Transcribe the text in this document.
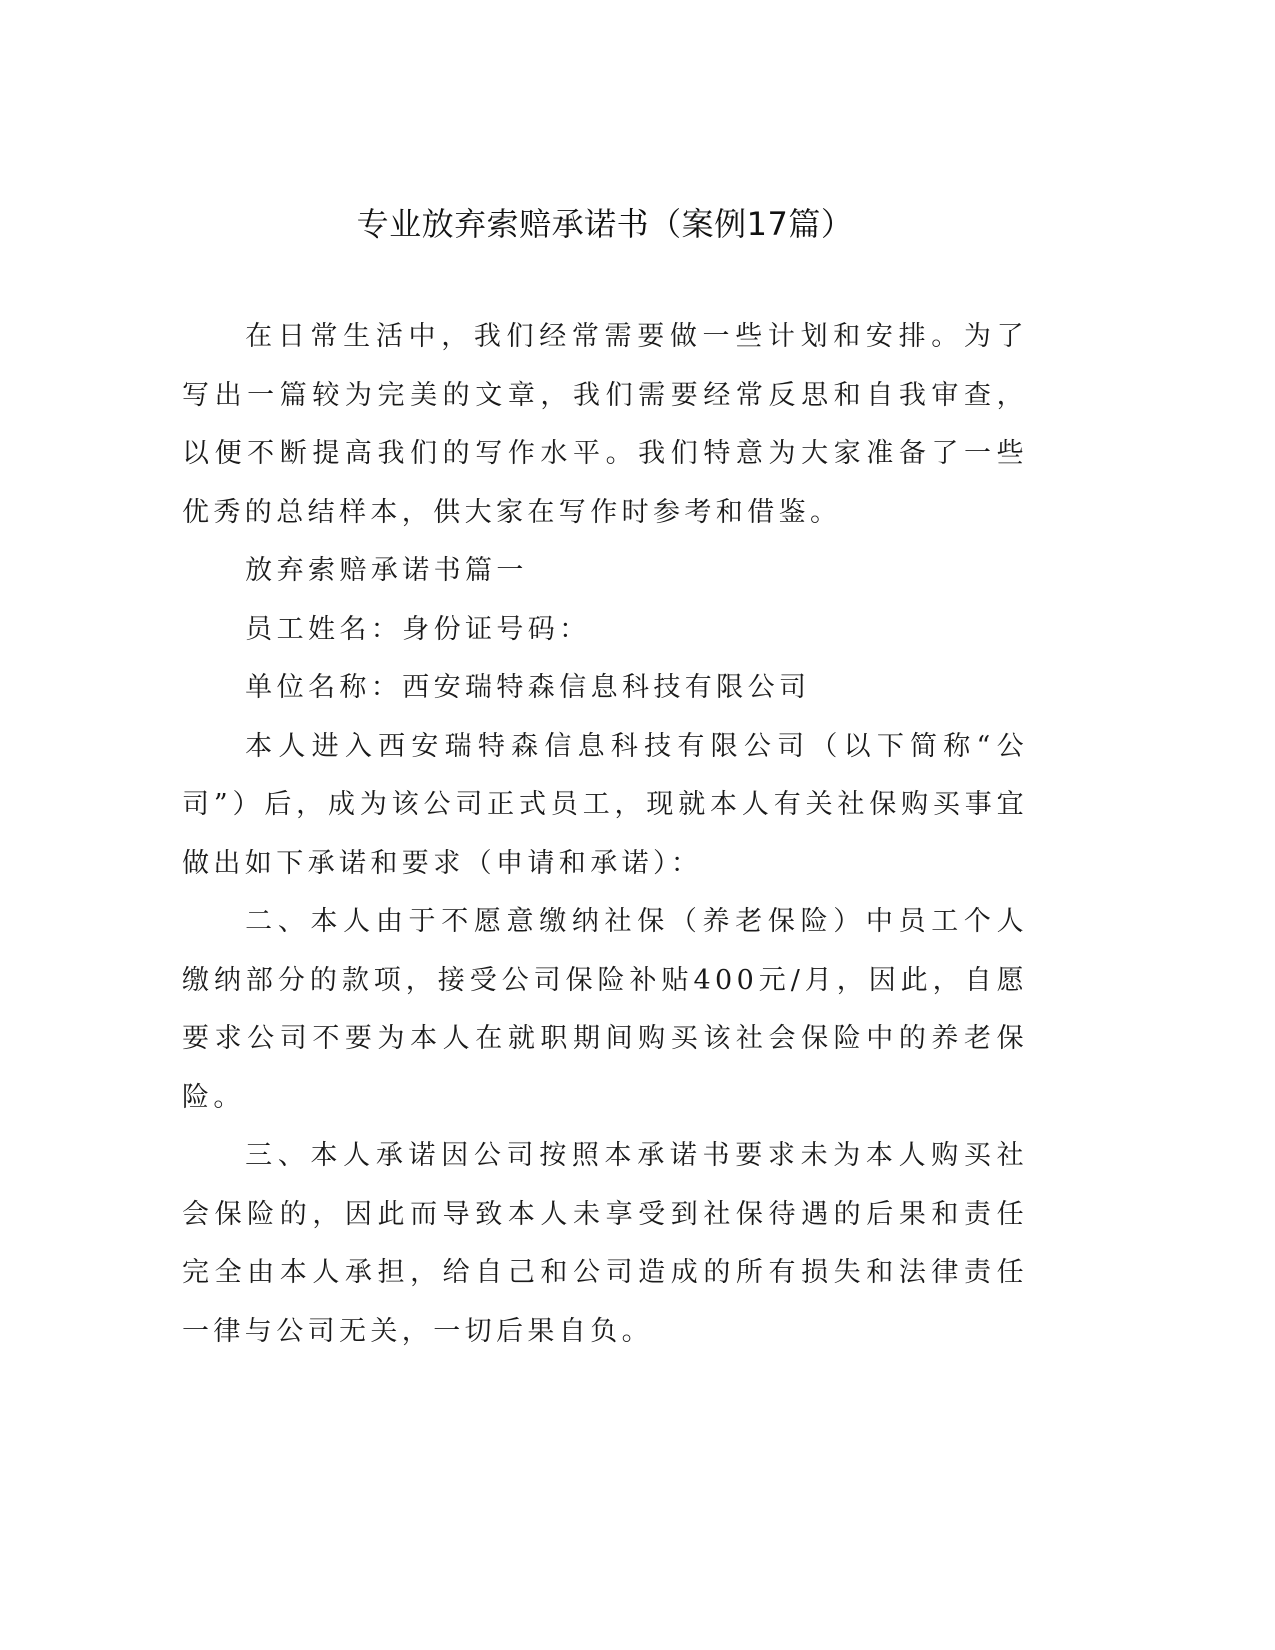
专业放弃索赔承诺书（案例17篇）

在日常生活中，我们经常需要做一些计划和安排。为了写出一篇较为完美的文章，我们需要经常反思和自我审查，以便不断提高我们的写作水平。我们特意为大家准备了一些优秀的总结样本，供大家在写作时参考和借鉴。

放弃索赔承诺书篇一

员工姓名：身份证号码：

单位名称：西安瑞特森信息科技有限公司

本人进入西安瑞特森信息科技有限公司（以下简称“公司”）后，成为该公司正式员工，现就本人有关社保购买事宜做出如下承诺和要求（申请和承诺）：

二、本人由于不愿意缴纳社保（养老保险）中员工个人缴纳部分的款项，接受公司保险补贴400元/月，因此，自愿要求公司不要为本人在就职期间购买该社会保险中的养老保险。

三、本人承诺因公司按照本承诺书要求未为本人购买社会保险的，因此而导致本人未享受到社保待遇的后果和责任完全由本人承担，给自己和公司造成的所有损失和法律责任一律与公司无关，一切后果自负。
